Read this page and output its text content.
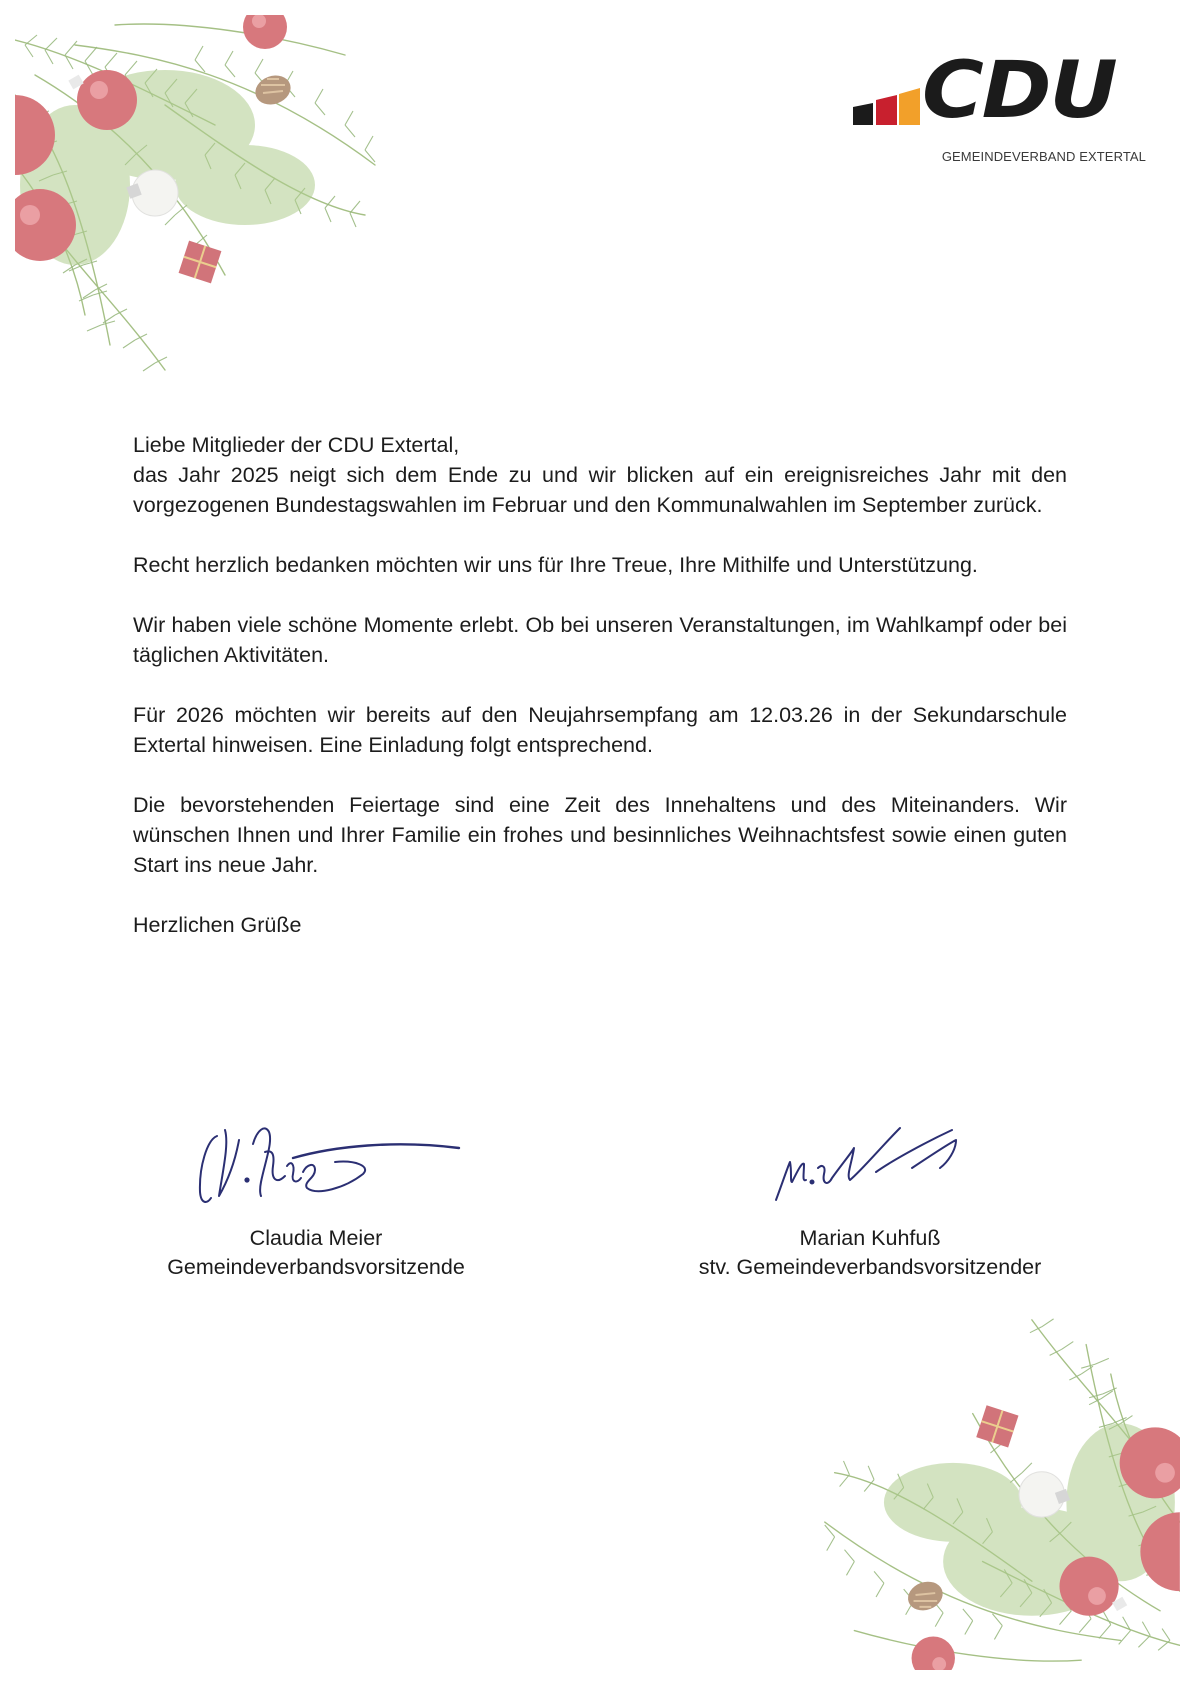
CDU
GEMEINDEVERBAND EXTERTAL

Liebe Mitglieder der CDU Extertal,

das Jahr 2025 neigt sich dem Ende zu und wir blicken auf ein ereignisreiches Jahr mit den vorgezogenen Bundestagswahlen im Februar und den Kommunalwahlen im September zurück.

Recht herzlich bedanken möchten wir uns für Ihre Treue, Ihre Mithilfe und Unterstützung.

Wir haben viele schöne Momente erlebt. Ob bei unseren Veranstaltungen, im Wahlkampf oder bei täglichen Aktivitäten.

Für 2026 möchten wir bereits auf den Neujahrsempfang am 12.03.26 in der Sekundarschule Extertal hinweisen. Eine Einladung folgt entsprechend.

Die bevorstehenden Feiertage sind eine Zeit des Innehaltens und des Miteinanders. Wir wünschen Ihnen und Ihrer Familie ein frohes und besinnliches Weihnachtsfest sowie einen guten Start ins neue Jahr.

Herzlichen Grüße

Claudia Meier
Gemeindeverbandsvorsitzende
Marian Kuhfuß
stv. Gemeindeverbandsvorsitzender
